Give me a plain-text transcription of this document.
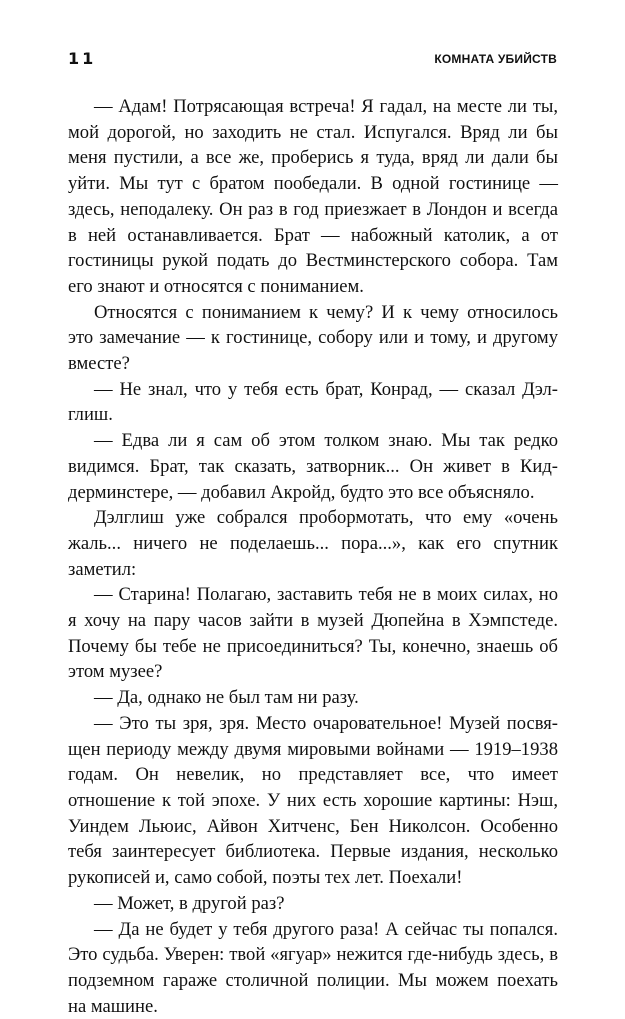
11	КОМНАТА УБИЙСТВ

— Адам! Потрясающая встреча! Я гадал, на месте ли ты, мой дорогой, но заходить не стал. Испугался. Вряд ли бы меня пустили, а все же, проберись я туда, вряд ли дали бы уйти. Мы тут с братом пообедали. В одной гостинице — здесь, неподалеку. Он раз в год приезжает в Лондон и всегда в ней останавливается. Брат — набожный католик, а от гостиницы рукой подать до Вестминстерского собора. Там его знают и относятся с пониманием.

Относятся с пониманием к чему? И к чему относилось это замечание — к гостинице, собору или и тому, и другому вместе?

— Не знал, что у тебя есть брат, Конрад, — сказал Дэлглиш.

— Едва ли я сам об этом толком знаю. Мы так редко видимся. Брат, так сказать, затворник... Он живет в Киддерминстере, — добавил Акройд, будто это все объясняло.

Дэлглиш уже собрался пробормотать, что ему «очень жаль... ничего не поделаешь... пора...», как его спутник заметил:

— Старина! Полагаю, заставить тебя не в моих силах, но я хочу на пару часов зайти в музей Дюпейна в Хэмпстеде. Почему бы тебе не присоединиться? Ты, конечно, знаешь об этом музее?

— Да, однако не был там ни разу.

— Это ты зря, зря. Место очаровательное! Музей посвящен периоду между двумя мировыми войнами — 1919–1938 годам. Он невелик, но представляет все, что имеет отношение к той эпохе. У них есть хорошие картины: Нэш, Уиндем Льюис, Айвон Хитченс, Бен Николсон. Особенно тебя заинтересует библиотека. Первые издания, несколько рукописей и, само собой, поэты тех лет. Поехали!

— Может, в другой раз?

— Да не будет у тебя другого раза! А сейчас ты попался. Это судьба. Уверен: твой «ягуар» нежится где-нибудь здесь, в подземном гараже столичной полиции. Мы можем поехать на машине.
